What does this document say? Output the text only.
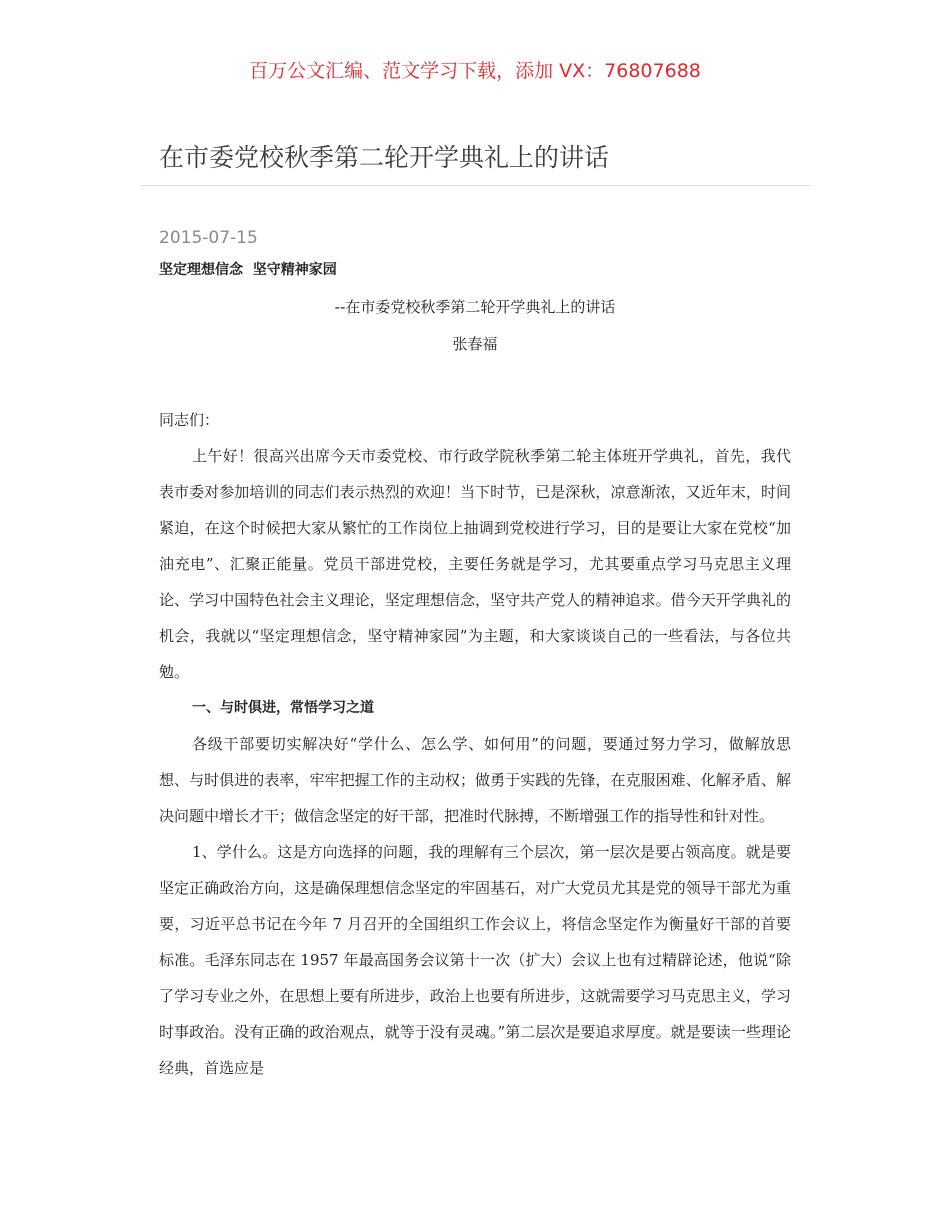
百万公文汇编、范文学习下载，添加 VX：76807688
在市委党校秋季第二轮开学典礼上的讲话
2015-07-15
坚定理想信念  坚守精神家园
--在市委党校秋季第二轮开学典礼上的讲话
张春福

同志们：

上午好！很高兴出席今天市委党校、市行政学院秋季第二轮主体班开学典礼，首先，我代表市委对参加培训的同志们表示热烈的欢迎！当下时节，已是深秋，凉意渐浓，又近年末，时间紧迫，在这个时候把大家从繁忙的工作岗位上抽调到党校进行学习，目的是要让大家在党校“加油充电”、汇聚正能量。党员干部进党校，主要任务就是学习，尤其要重点学习马克思主义理论、学习中国特色社会主义理论，坚定理想信念，坚守共产党人的精神追求。借今天开学典礼的机会，我就以“坚定理想信念，坚守精神家园”为主题，和大家谈谈自己的一些看法，与各位共勉。

一、与时俱进，常悟学习之道

各级干部要切实解决好“学什么、怎么学、如何用”的问题，要通过努力学习，做解放思想、与时俱进的表率，牢牢把握工作的主动权；做勇于实践的先锋，在克服困难、化解矛盾、解决问题中增长才干；做信念坚定的好干部，把准时代脉搏，不断增强工作的指导性和针对性。

1、学什么。这是方向选择的问题，我的理解有三个层次，第一层次是要占领高度。就是要坚定正确政治方向，这是确保理想信念坚定的牢固基石，对广大党员尤其是党的领导干部尤为重要，习近平总书记在今年 7 月召开的全国组织工作会议上，将信念坚定作为衡量好干部的首要标准。毛泽东同志在 1957 年最高国务会议第十一次（扩大）会议上也有过精辟论述，他说“除了学习专业之外，在思想上要有所进步，政治上也要有所进步，这就需要学习马克思主义，学习时事政治。没有正确的政治观点，就等于没有灵魂。”第二层次是要追求厚度。就是要读一些理论经典，首选应是
